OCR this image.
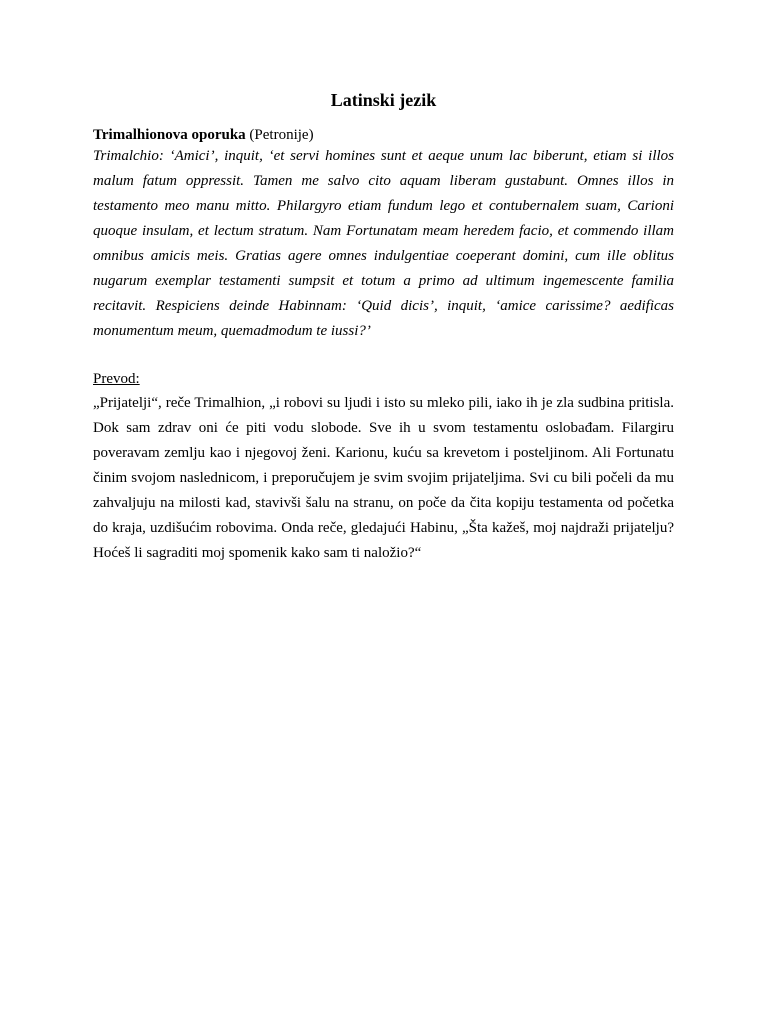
Latinski jezik

Trimalhionova oporuka (Petronije)

Trimalchio: ‘Amici’, inquit, ‘et servi homines sunt et aeque unum lac biberunt, etiam si illos malum fatum oppressit. Tamen me salvo cito aquam liberam gustabunt. Omnes illos in testamento meo manu mitto. Philargyro etiam fundum lego et contubernalem suam, Carioni quoque insulam, et lectum stratum. Nam Fortunatam meam heredem facio, et commendo illam omnibus amicis meis. Gratias agere omnes indulgentiae coeperant domini, cum ille oblitus nugarum exemplar testamenti sumpsit et totum a primo ad ultimum ingemescente familia recitavit. Respiciens deinde Habinnam: ‘Quid dicis’, inquit, ‘amice carissime? aedificas monumentum meum, quemadmodum te iussi?’

Prevod:

„Prijatelji“, reče Trimalhion, „i robovi su ljudi i isto su mleko pili, iako ih je zla sudbina pritisla. Dok sam zdrav oni će piti vodu slobode. Sve ih u svom testamentu oslobađam. Filargiru poveravam zemlju kao i njegovoj ženi. Karionu, kuću sa krevetom i posteljinom. Ali Fortunatu činim svojom naslednicom, i preporučujem je svim svojim prijateljima. Svi cu bili počeli da mu zahvaljuju na milosti kad, stavivši šalu na stranu, on poče da čita kopiju testamenta od početka do kraja, uzdišućim robovima. Onda reče, gledajući Habinu, „Šta kažeš, moj najdraži prijatelju? Hoćeš li sagraditi moj spomenik kako sam ti naložio?“
